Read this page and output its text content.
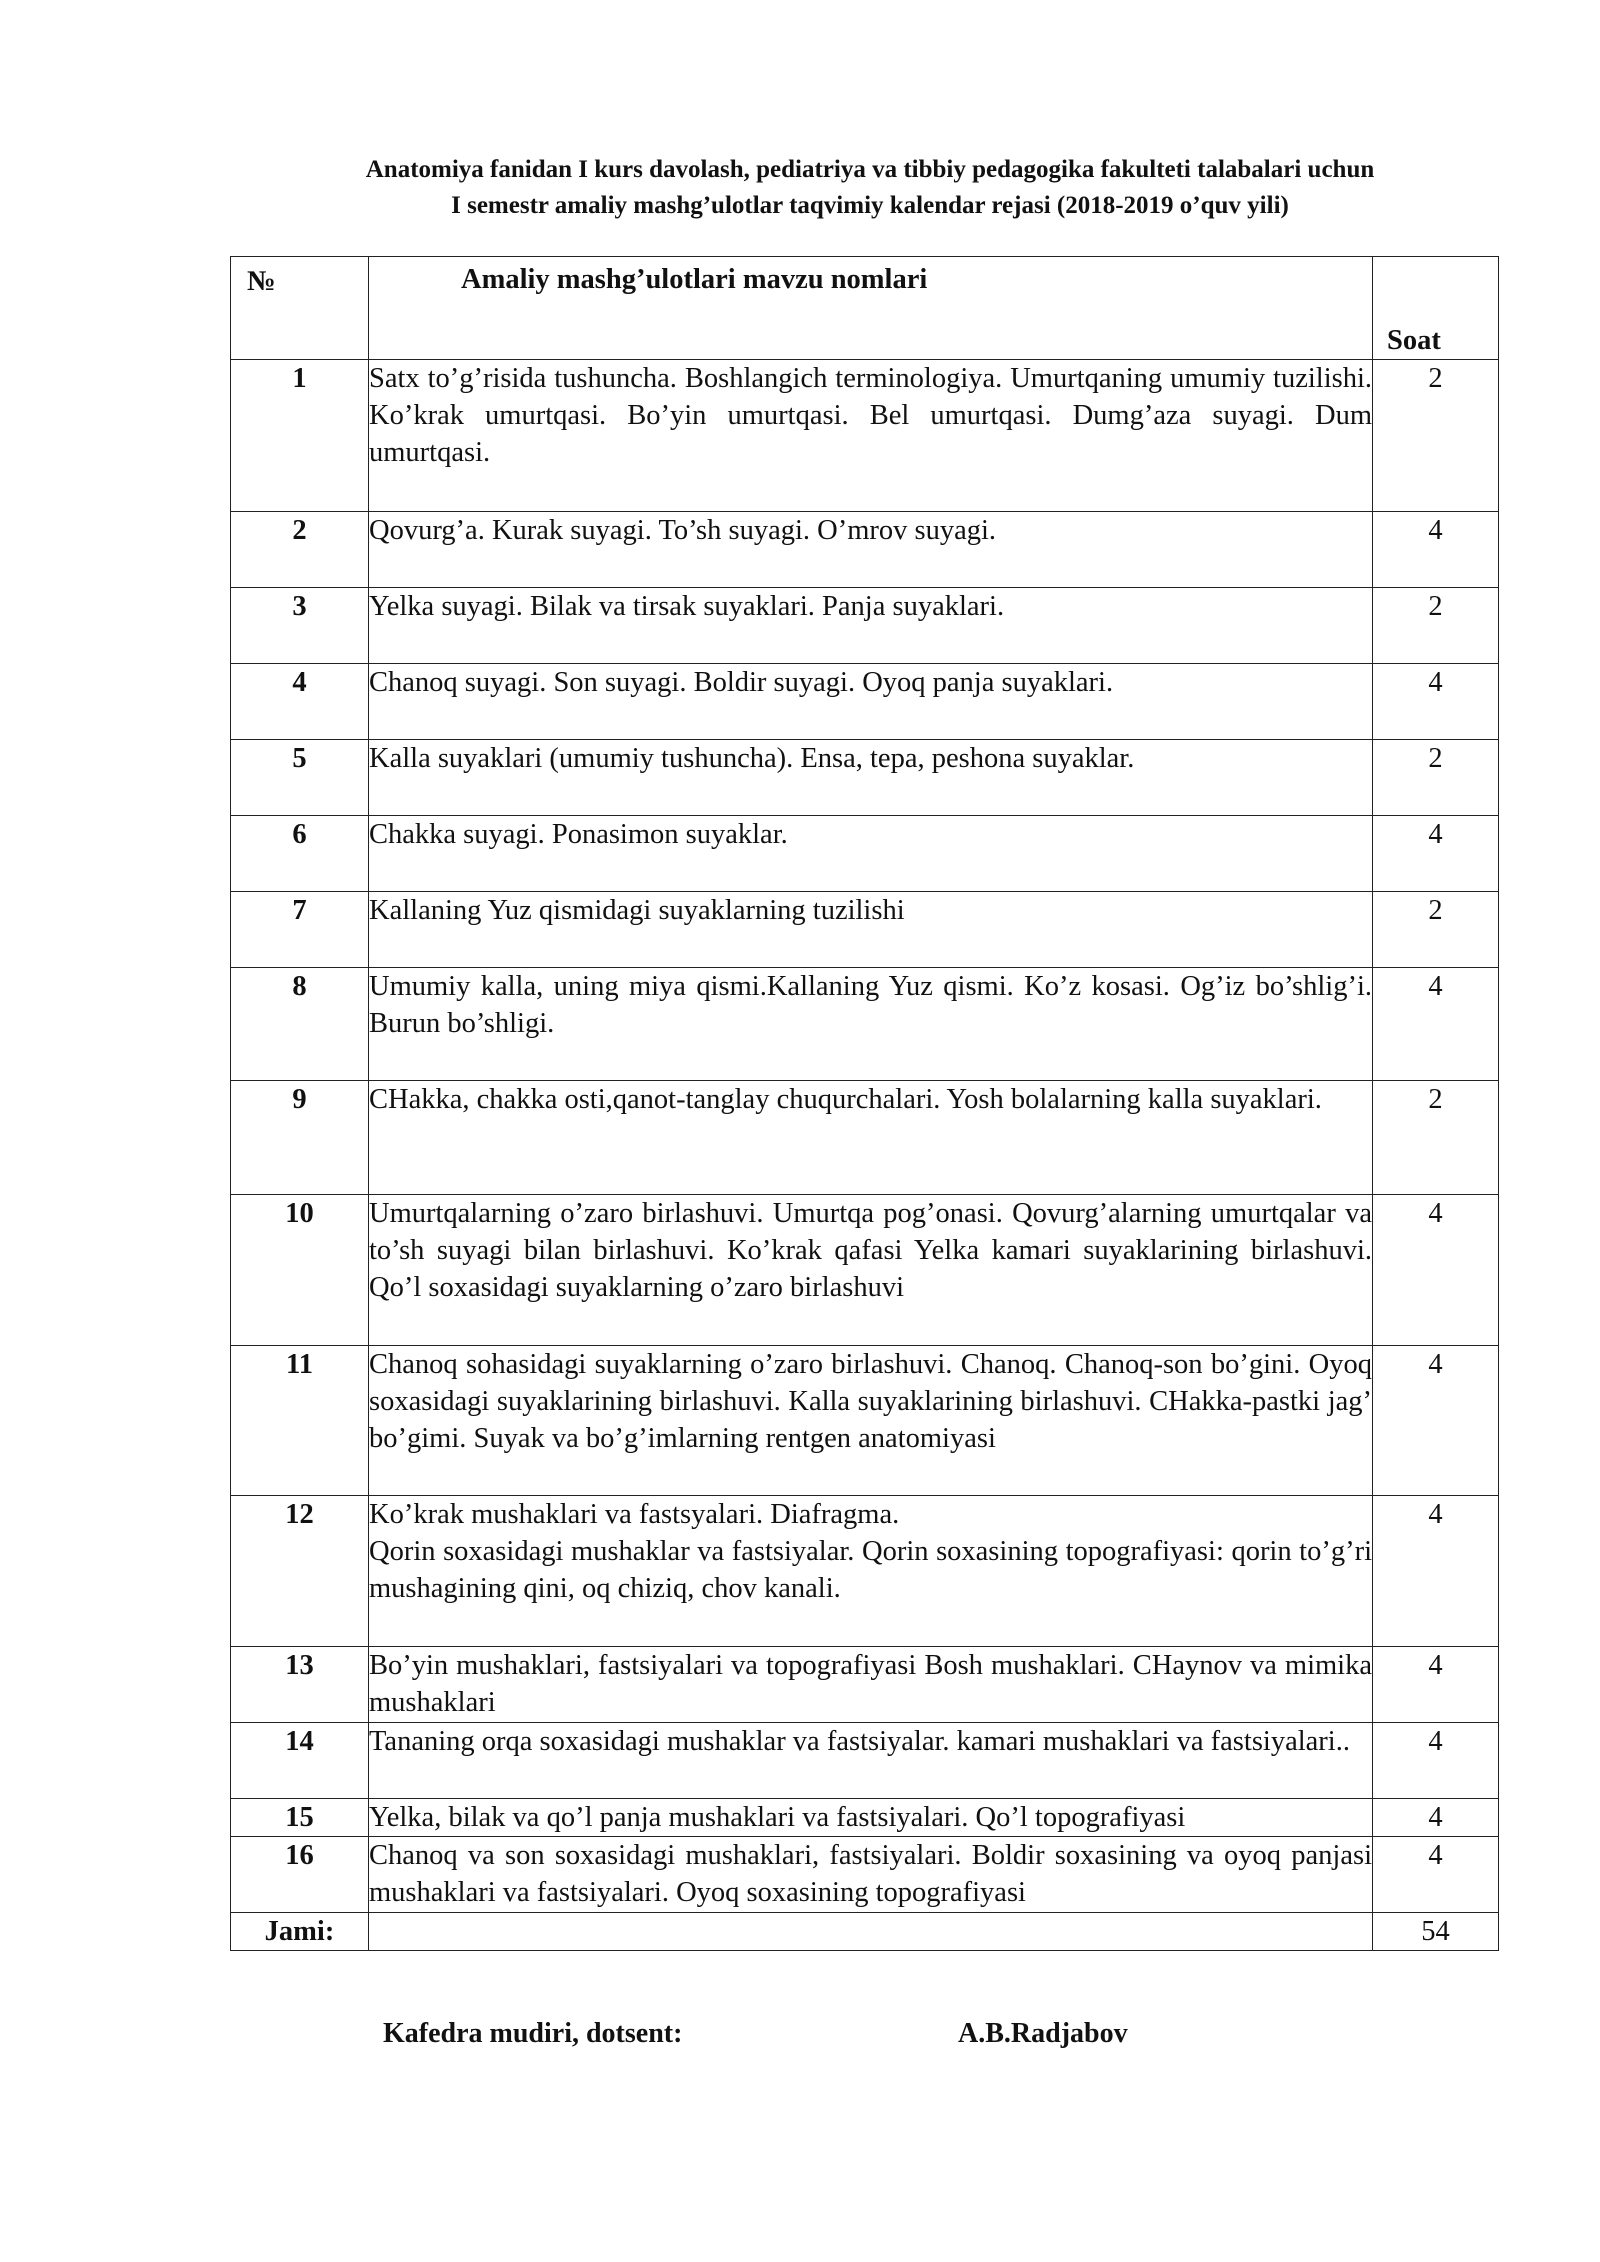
Anatomiya fanidan I kurs davolash, pediatriya va tibbiy pedagogika fakulteti talabalari uchun
I semestr amaliy mashg’ulotlar taqvimiy kalendar rejasi (2018-2019 o’quv yili)
№	Amaliy mashg’ulotlari mavzu nomlari	Soat
1	Satx to’g’risida tushuncha. Boshlangich terminologiya. Umurtqaning umumiy tuzilishi. Ko’krak umurtqasi. Bo’yin umurtqasi. Bel umurtqasi. Dumg’aza suyagi. Dum umurtqasi.	2
2	Qovurg’a. Kurak suyagi. To’sh suyagi. O’mrov suyagi.	4
3	Yelka suyagi. Bilak va tirsak suyaklari. Panja suyaklari.	2
4	Chanoq suyagi. Son suyagi. Boldir suyagi. Oyoq panja suyaklari.	4
5	Kalla suyaklari (umumiy tushuncha). Ensa, tepa, peshona suyaklar.	2
6	Chakka suyagi. Ponasimon suyaklar.	4
7	Kallaning Yuz qismidagi suyaklarning tuzilishi	2
8	Umumiy kalla, uning miya qismi.Kallaning Yuz qismi. Ko’z kosasi. Og’iz bo’shlig’i. Burun bo’shligi.	4
9	CHakka, chakka osti,qanot-tanglay chuqurchalari. Yosh bolalarning kalla suyaklari.	2
10	Umurtqalarning o’zaro birlashuvi. Umurtqa pog’onasi. Qovurg’alarning umurtqalar va to’sh suyagi bilan birlashuvi. Ko’krak qafasi Yelka kamari suyaklarining birlashuvi. Qo’l soxasidagi suyaklarning o’zaro birlashuvi	4
11	Chanoq sohasidagi suyaklarning o’zaro birlashuvi. Chanoq. Chanoq-son bo’gini. Oyoq soxasidagi suyaklarining birlashuvi. Kalla suyaklarining birlashuvi. CHakka-pastki jag’ bo’gimi. Suyak va bo’g’imlarning rentgen anatomiyasi	4
12	Ko’krak mushaklari va fastsyalari. Diafragma.
Qorin soxasidagi mushaklar va fastsiyalar. Qorin soxasining topografiyasi: qorin to’g’ri mushagining qini, oq chiziq, chov kanali.	4
13	Bo’yin mushaklari, fastsiyalari va topografiyasi Bosh mushaklari. CHaynov va mimika mushaklari	4
14	Tananing orqa soxasidagi mushaklar va fastsiyalar. kamari mushaklari va fastsiyalari..	4
15	Yelka, bilak va qo’l panja mushaklari va fastsiyalari. Qo’l topografiyasi	4
16	Chanoq va son soxasidagi mushaklari, fastsiyalari. Boldir soxasining va oyoq panjasi mushaklari va fastsiyalari. Oyoq soxasining topografiyasi	4
Jami:		54
Kafedra mudiri, dotsent:	A.B.Radjabov
